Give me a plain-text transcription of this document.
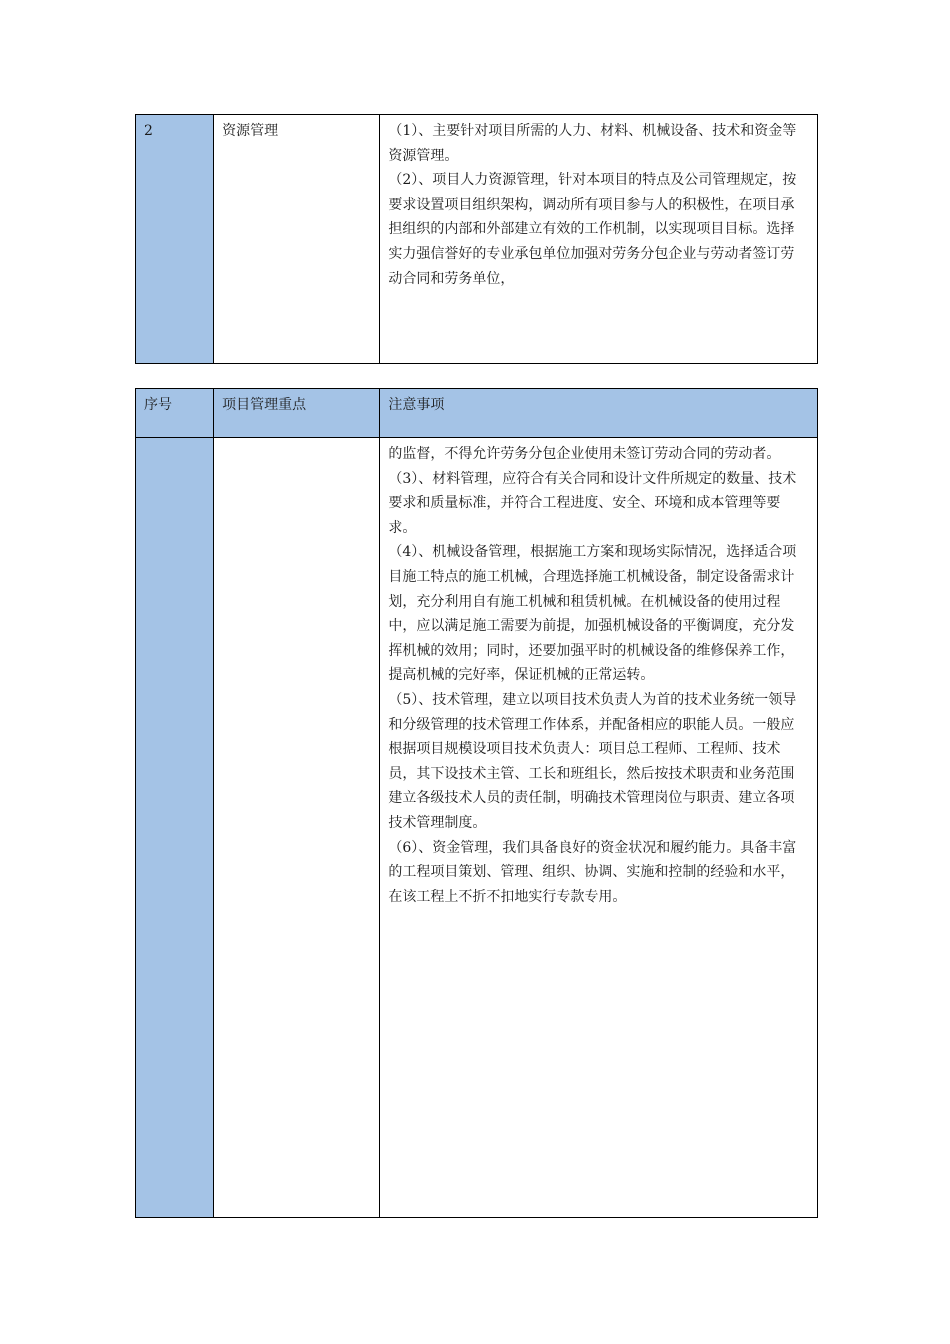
2	资源管理	（1）、主要针对项目所需的人力、材料、机械设备、技术和资金等资源管理。

（2）、项目人力资源管理，针对本项目的特点及公司管理规定，按要求设置项目组织架构，调动所有项目参与人的积极性，在项目承担组织的内部和外部建立有效的工作机制，以实现项目目标。选择实力强信誉好的专业承包单位加强对劳务分包企业与劳动者签订劳动合同和劳务单位，

序号	项目管理重点	注意事项

		的监督，不得允许劳务分包企业使用未签订劳动合同的劳动者。

（3）、材料管理，应符合有关合同和设计文件所规定的数量、技术要求和质量标准，并符合工程进度、安全、环境和成本管理等要求。

（4）、机械设备管理，根据施工方案和现场实际情况，选择适合项目施工特点的施工机械，合理选择施工机械设备，制定设备需求计划，充分利用自有施工机械和租赁机械。在机械设备的使用过程中，应以满足施工需要为前提，加强机械设备的平衡调度，充分发挥机械的效用；同时，还要加强平时的机械设备的维修保养工作，提高机械的完好率，保证机械的正常运转。

（5）、技术管理，建立以项目技术负责人为首的技术业务统一领导和分级管理的技术管理工作体系，并配备相应的职能人员。一般应根据项目规模设项目技术负责人：项目总工程师、工程师、技术员，其下设技术主管、工长和班组长，然后按技术职责和业务范围建立各级技术人员的责任制，明确技术管理岗位与职责、建立各项技术管理制度。

（6）、资金管理，我们具备良好的资金状况和履约能力。具备丰富的工程项目策划、管理、组织、协调、实施和控制的经验和水平，在该工程上不折不扣地实行专款专用。
